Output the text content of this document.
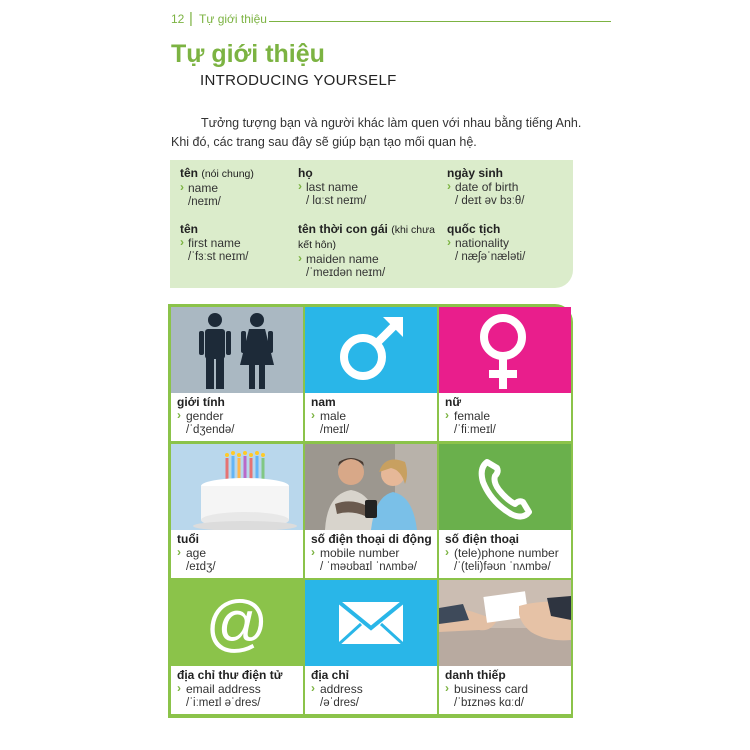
12 | Tự giới thiệu
Tự giới thiệu
INTRODUCING YOURSELF
Tưởng tượng bạn và người khác làm quen với nhau bằng tiếng Anh. Khi đó, các trang sau đây sẽ giúp bạn tạo mối quan hệ.
tên (nói chung)
› name
/neɪm/
họ
› last name
/ lɑːst neɪm/
ngày sinh
› date of birth
/ deɪt əv bɜːθ/
tên
› first name
/ˈfɜːst neɪm/
tên thời con gái (khi chưa kết hôn)
› maiden name
/ˈmeɪdən neɪm/
quốc tịch
› nationality
/ næʃəˈnæləti/
giới tính
› gender
/ˈdʒendə/
nam
› male
/meɪl/
nữ
› female
/ˈfiːmeɪl/
tuổi
› age
/eɪdʒ/
số điện thoại di động
› mobile number
/ ˈməʊbaɪl ˈnʌmbə/
số điện thoại
› (tele)phone number
/ˈ(teli)fəʊn ˈnʌmbə/
@
địa chỉ thư điện tử
› email address
/ˈiːmeɪl əˈdres/
địa chỉ
› address
/əˈdres/
danh thiếp
› business card
/ˈbɪznəs kɑːd/
